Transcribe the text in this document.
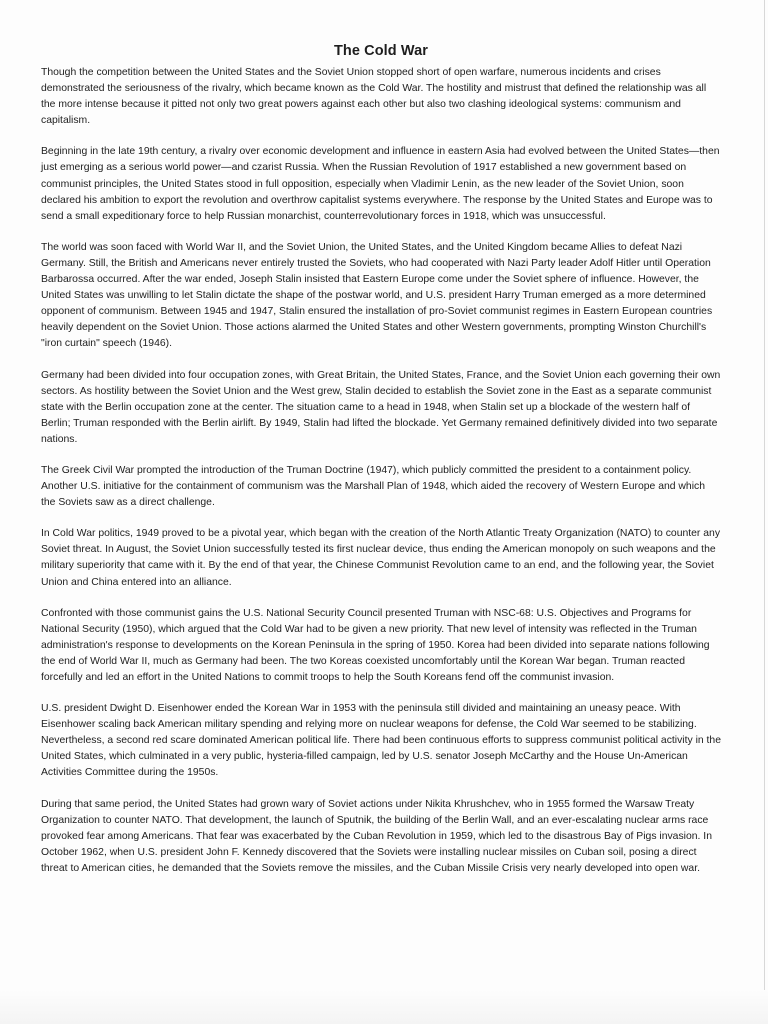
The Cold War

Though the competition between the United States and the Soviet Union stopped short of open warfare, numerous incidents and crises demonstrated the seriousness of the rivalry, which became known as the Cold War. The hostility and mistrust that defined the relationship was all the more intense because it pitted not only two great powers against each other but also two clashing ideological systems: communism and capitalism.

Beginning in the late 19th century, a rivalry over economic development and influence in eastern Asia had evolved between the United States—then just emerging as a serious world power—and czarist Russia. When the Russian Revolution of 1917 established a new government based on communist principles, the United States stood in full opposition, especially when Vladimir Lenin, as the new leader of the Soviet Union, soon declared his ambition to export the revolution and overthrow capitalist systems everywhere. The response by the United States and Europe was to send a small expeditionary force to help Russian monarchist, counterrevolutionary forces in 1918, which was unsuccessful.

The world was soon faced with World War II, and the Soviet Union, the United States, and the United Kingdom became Allies to defeat Nazi Germany. Still, the British and Americans never entirely trusted the Soviets, who had cooperated with Nazi Party leader Adolf Hitler until Operation Barbarossa occurred. After the war ended, Joseph Stalin insisted that Eastern Europe come under the Soviet sphere of influence. However, the United States was unwilling to let Stalin dictate the shape of the postwar world, and U.S. president Harry Truman emerged as a more determined opponent of communism. Between 1945 and 1947, Stalin ensured the installation of pro-Soviet communist regimes in Eastern European countries heavily dependent on the Soviet Union. Those actions alarmed the United States and other Western governments, prompting Winston Churchill's "iron curtain" speech (1946).

Germany had been divided into four occupation zones, with Great Britain, the United States, France, and the Soviet Union each governing their own sectors. As hostility between the Soviet Union and the West grew, Stalin decided to establish the Soviet zone in the East as a separate communist state with the Berlin occupation zone at the center. The situation came to a head in 1948, when Stalin set up a blockade of the western half of Berlin; Truman responded with the Berlin airlift. By 1949, Stalin had lifted the blockade. Yet Germany remained definitively divided into two separate nations.

The Greek Civil War prompted the introduction of the Truman Doctrine (1947), which publicly committed the president to a containment policy. Another U.S. initiative for the containment of communism was the Marshall Plan of 1948, which aided the recovery of Western Europe and which the Soviets saw as a direct challenge.

In Cold War politics, 1949 proved to be a pivotal year, which began with the creation of the North Atlantic Treaty Organization (NATO) to counter any Soviet threat. In August, the Soviet Union successfully tested its first nuclear device, thus ending the American monopoly on such weapons and the military superiority that came with it. By the end of that year, the Chinese Communist Revolution came to an end, and the following year, the Soviet Union and China entered into an alliance.

Confronted with those communist gains the U.S. National Security Council presented Truman with NSC-68: U.S. Objectives and Programs for National Security (1950), which argued that the Cold War had to be given a new priority. That new level of intensity was reflected in the Truman administration's response to developments on the Korean Peninsula in the spring of 1950. Korea had been divided into separate nations following the end of World War II, much as Germany had been. The two Koreas coexisted uncomfortably until the Korean War began. Truman reacted forcefully and led an effort in the United Nations to commit troops to help the South Koreans fend off the communist invasion.

U.S. president Dwight D. Eisenhower ended the Korean War in 1953 with the peninsula still divided and maintaining an uneasy peace. With Eisenhower scaling back American military spending and relying more on nuclear weapons for defense, the Cold War seemed to be stabilizing. Nevertheless, a second red scare dominated American political life. There had been continuous efforts to suppress communist political activity in the United States, which culminated in a very public, hysteria-filled campaign, led by U.S. senator Joseph McCarthy and the House Un-American Activities Committee during the 1950s.

During that same period, the United States had grown wary of Soviet actions under Nikita Khrushchev, who in 1955 formed the Warsaw Treaty Organization to counter NATO. That development, the launch of Sputnik, the building of the Berlin Wall, and an ever-escalating nuclear arms race provoked fear among Americans. That fear was exacerbated by the Cuban Revolution in 1959, which led to the disastrous Bay of Pigs invasion. In October 1962, when U.S. president John F. Kennedy discovered that the Soviets were installing nuclear missiles on Cuban soil, posing a direct threat to American cities, he demanded that the Soviets remove the missiles, and the Cuban Missile Crisis very nearly developed into open war.
